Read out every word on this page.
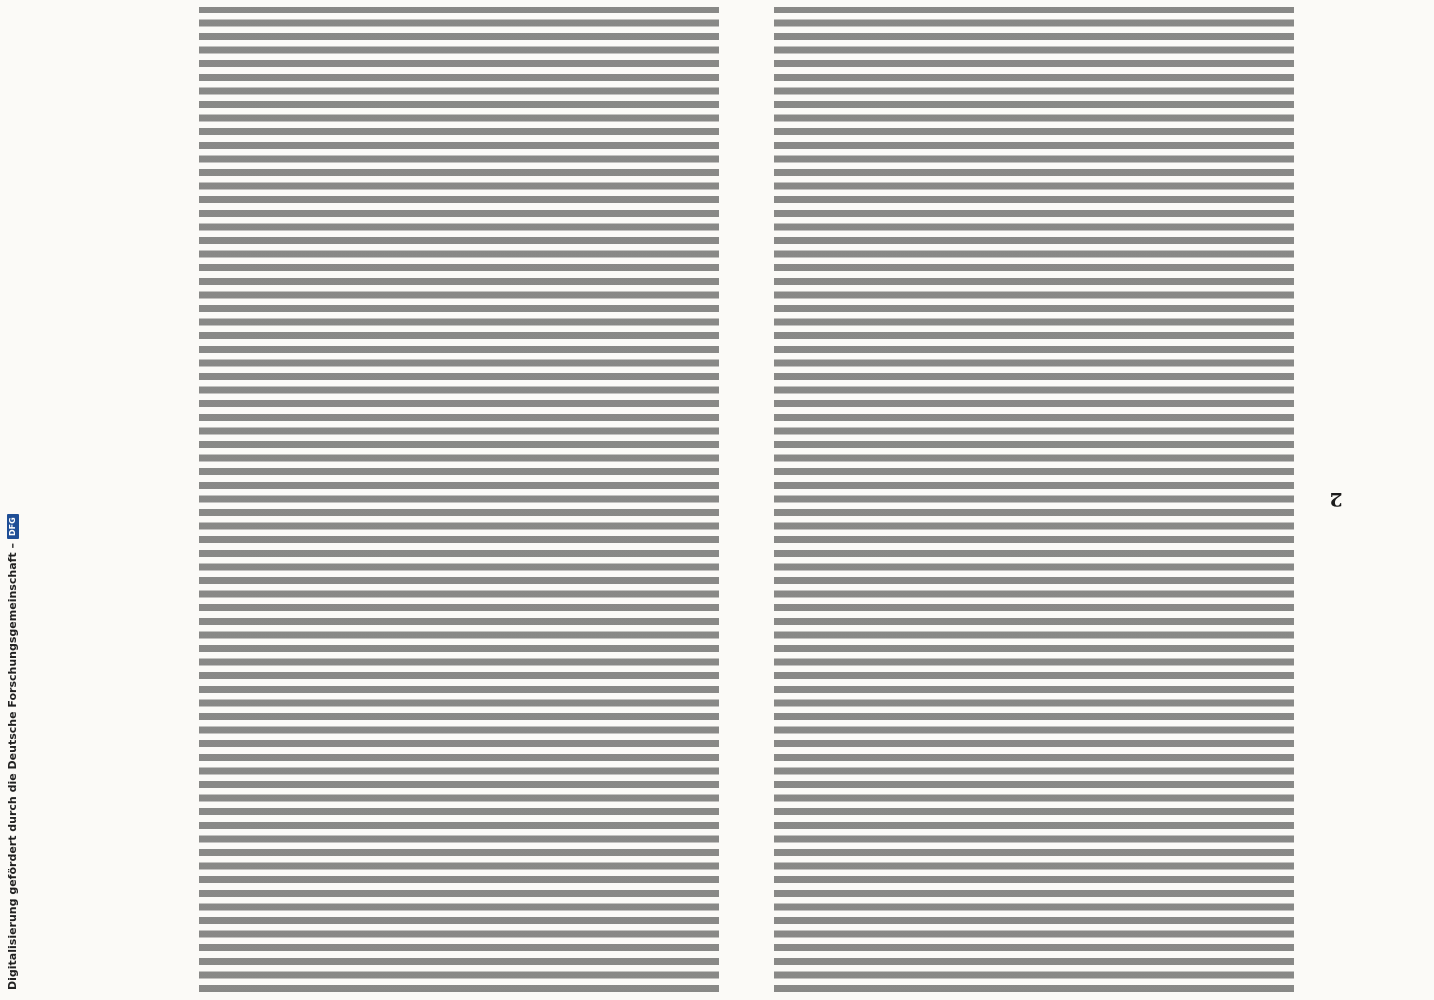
2
Digitalisierung gefördert durch die Deutsche Forschungsgemeinschaft –
DFG
